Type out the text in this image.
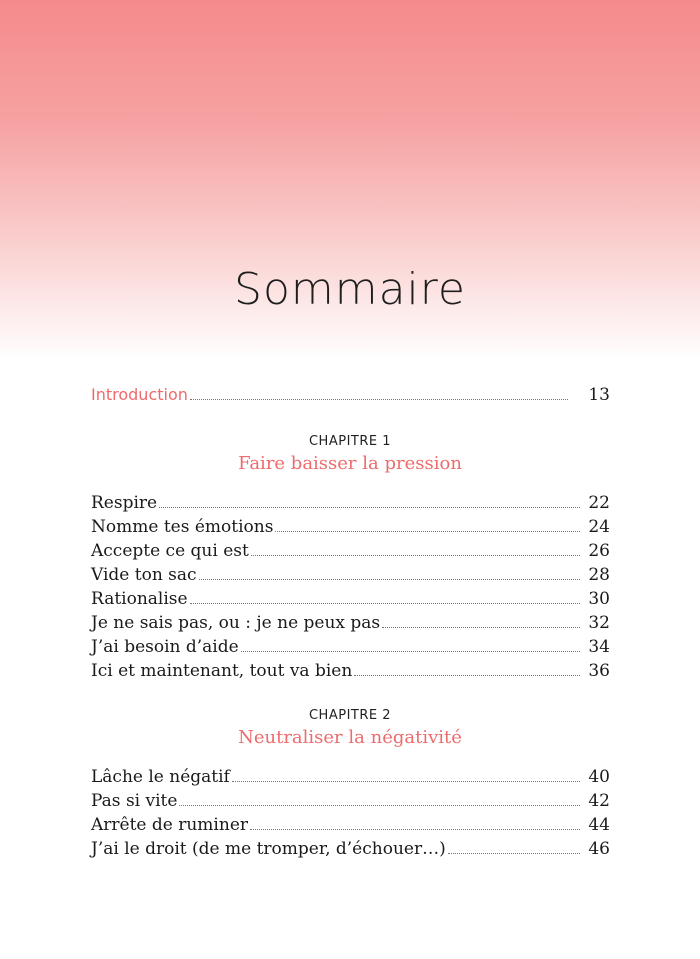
Sommaire
Introduction	13
CHAPITRE 1
Faire baisser la pression
Respire	22
Nomme tes émotions	24
Accepte ce qui est	26
Vide ton sac	28
Rationalise	30
Je ne sais pas, ou : je ne peux pas	32
J’ai besoin d’aide	34
Ici et maintenant, tout va bien	36
CHAPITRE 2
Neutraliser la négativité
Lâche le négatif	40
Pas si vite	42
Arrête de ruminer	44
J’ai le droit (de me tromper, d’échouer…)	46
